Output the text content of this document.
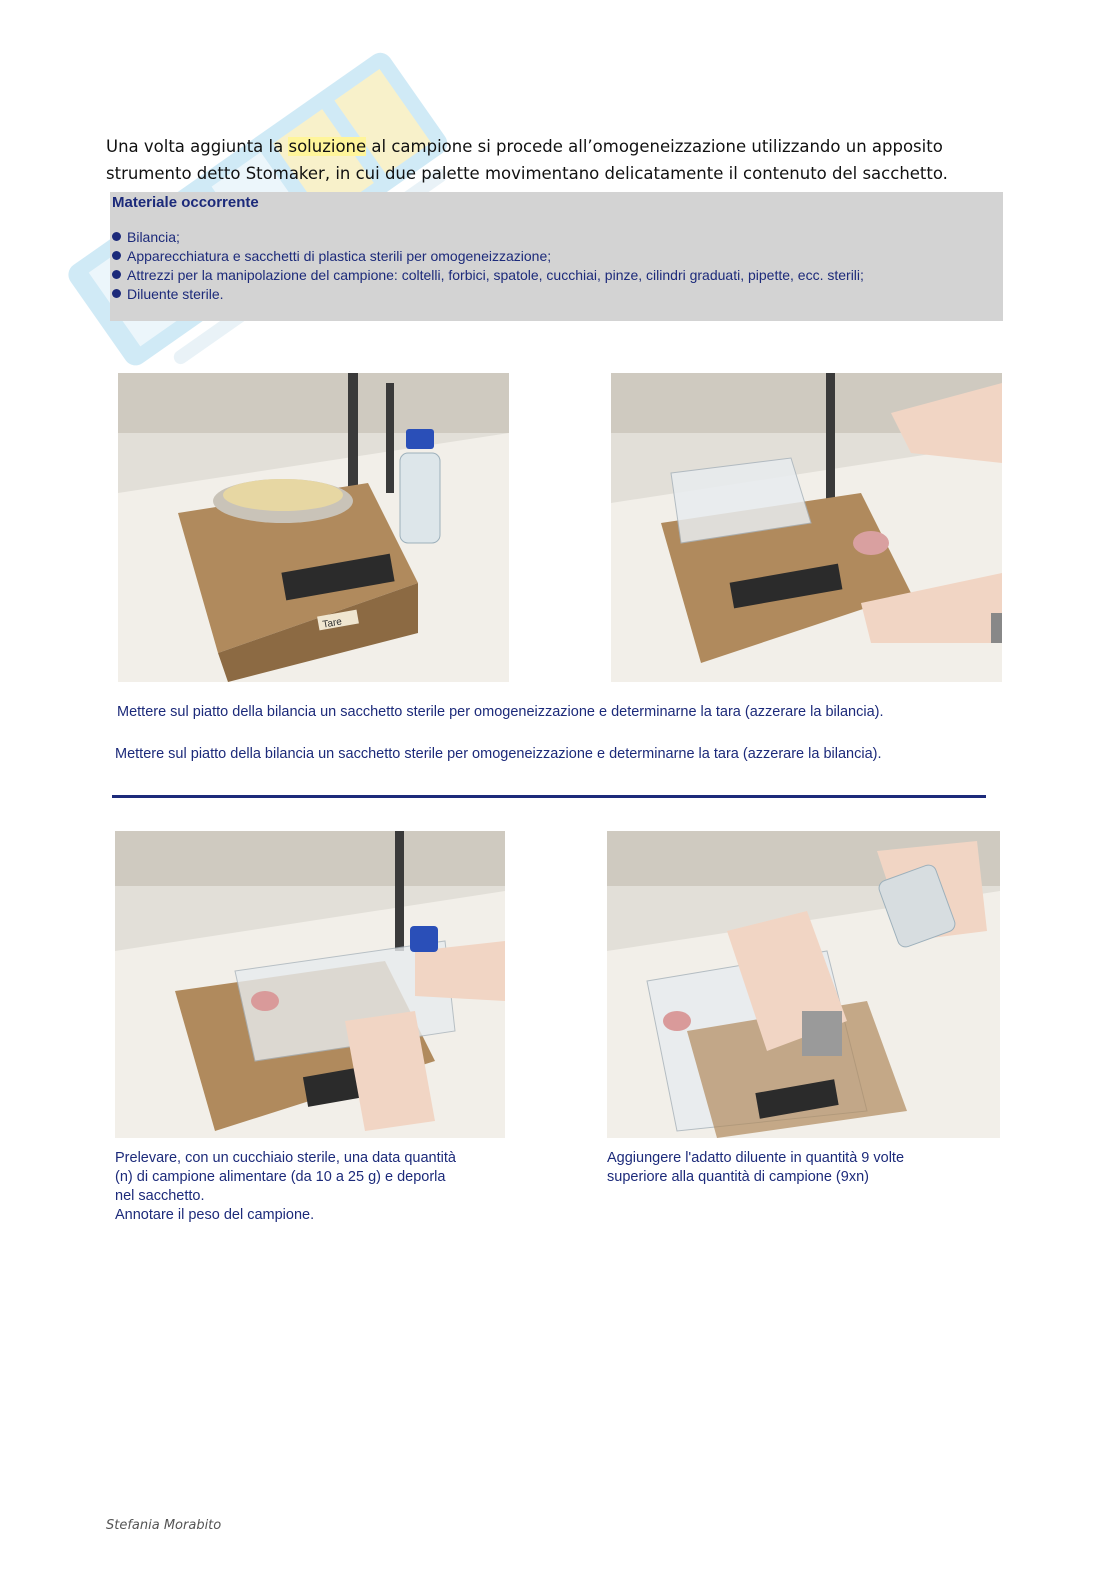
Una volta aggiunta la soluzione al campione si procede all’omogeneizzazione utilizzando un apposito

strumento detto Stomaker, in cui due palette movimentano delicatamente il contenuto del sacchetto.

Materiale occorrente
Bilancia;
Apparecchiatura e sacchetti di plastica sterili per omogeneizzazione;
Attrezzi per la manipolazione del campione: coltelli, forbici, spatole, cucchiai, pinze, cilindri graduati, pipette, ecc. sterili;
Diluente sterile.
Tare
Mettere sul piatto della bilancia un sacchetto sterile per omogeneizzazione e determinarne la tara (azzerare la bilancia).
Mettere sul piatto della bilancia un sacchetto sterile per omogeneizzazione e determinarne la tara (azzerare la bilancia).
Prelevare, con un cucchiaio sterile, una data quantità
(n) di campione alimentare (da 10 a 25 g) e deporla
nel sacchetto.
Annotare il peso del campione.
Aggiungere l'adatto diluente in quantità 9 volte
superiore alla quantità di campione (9xn)
Stefania Morabito
